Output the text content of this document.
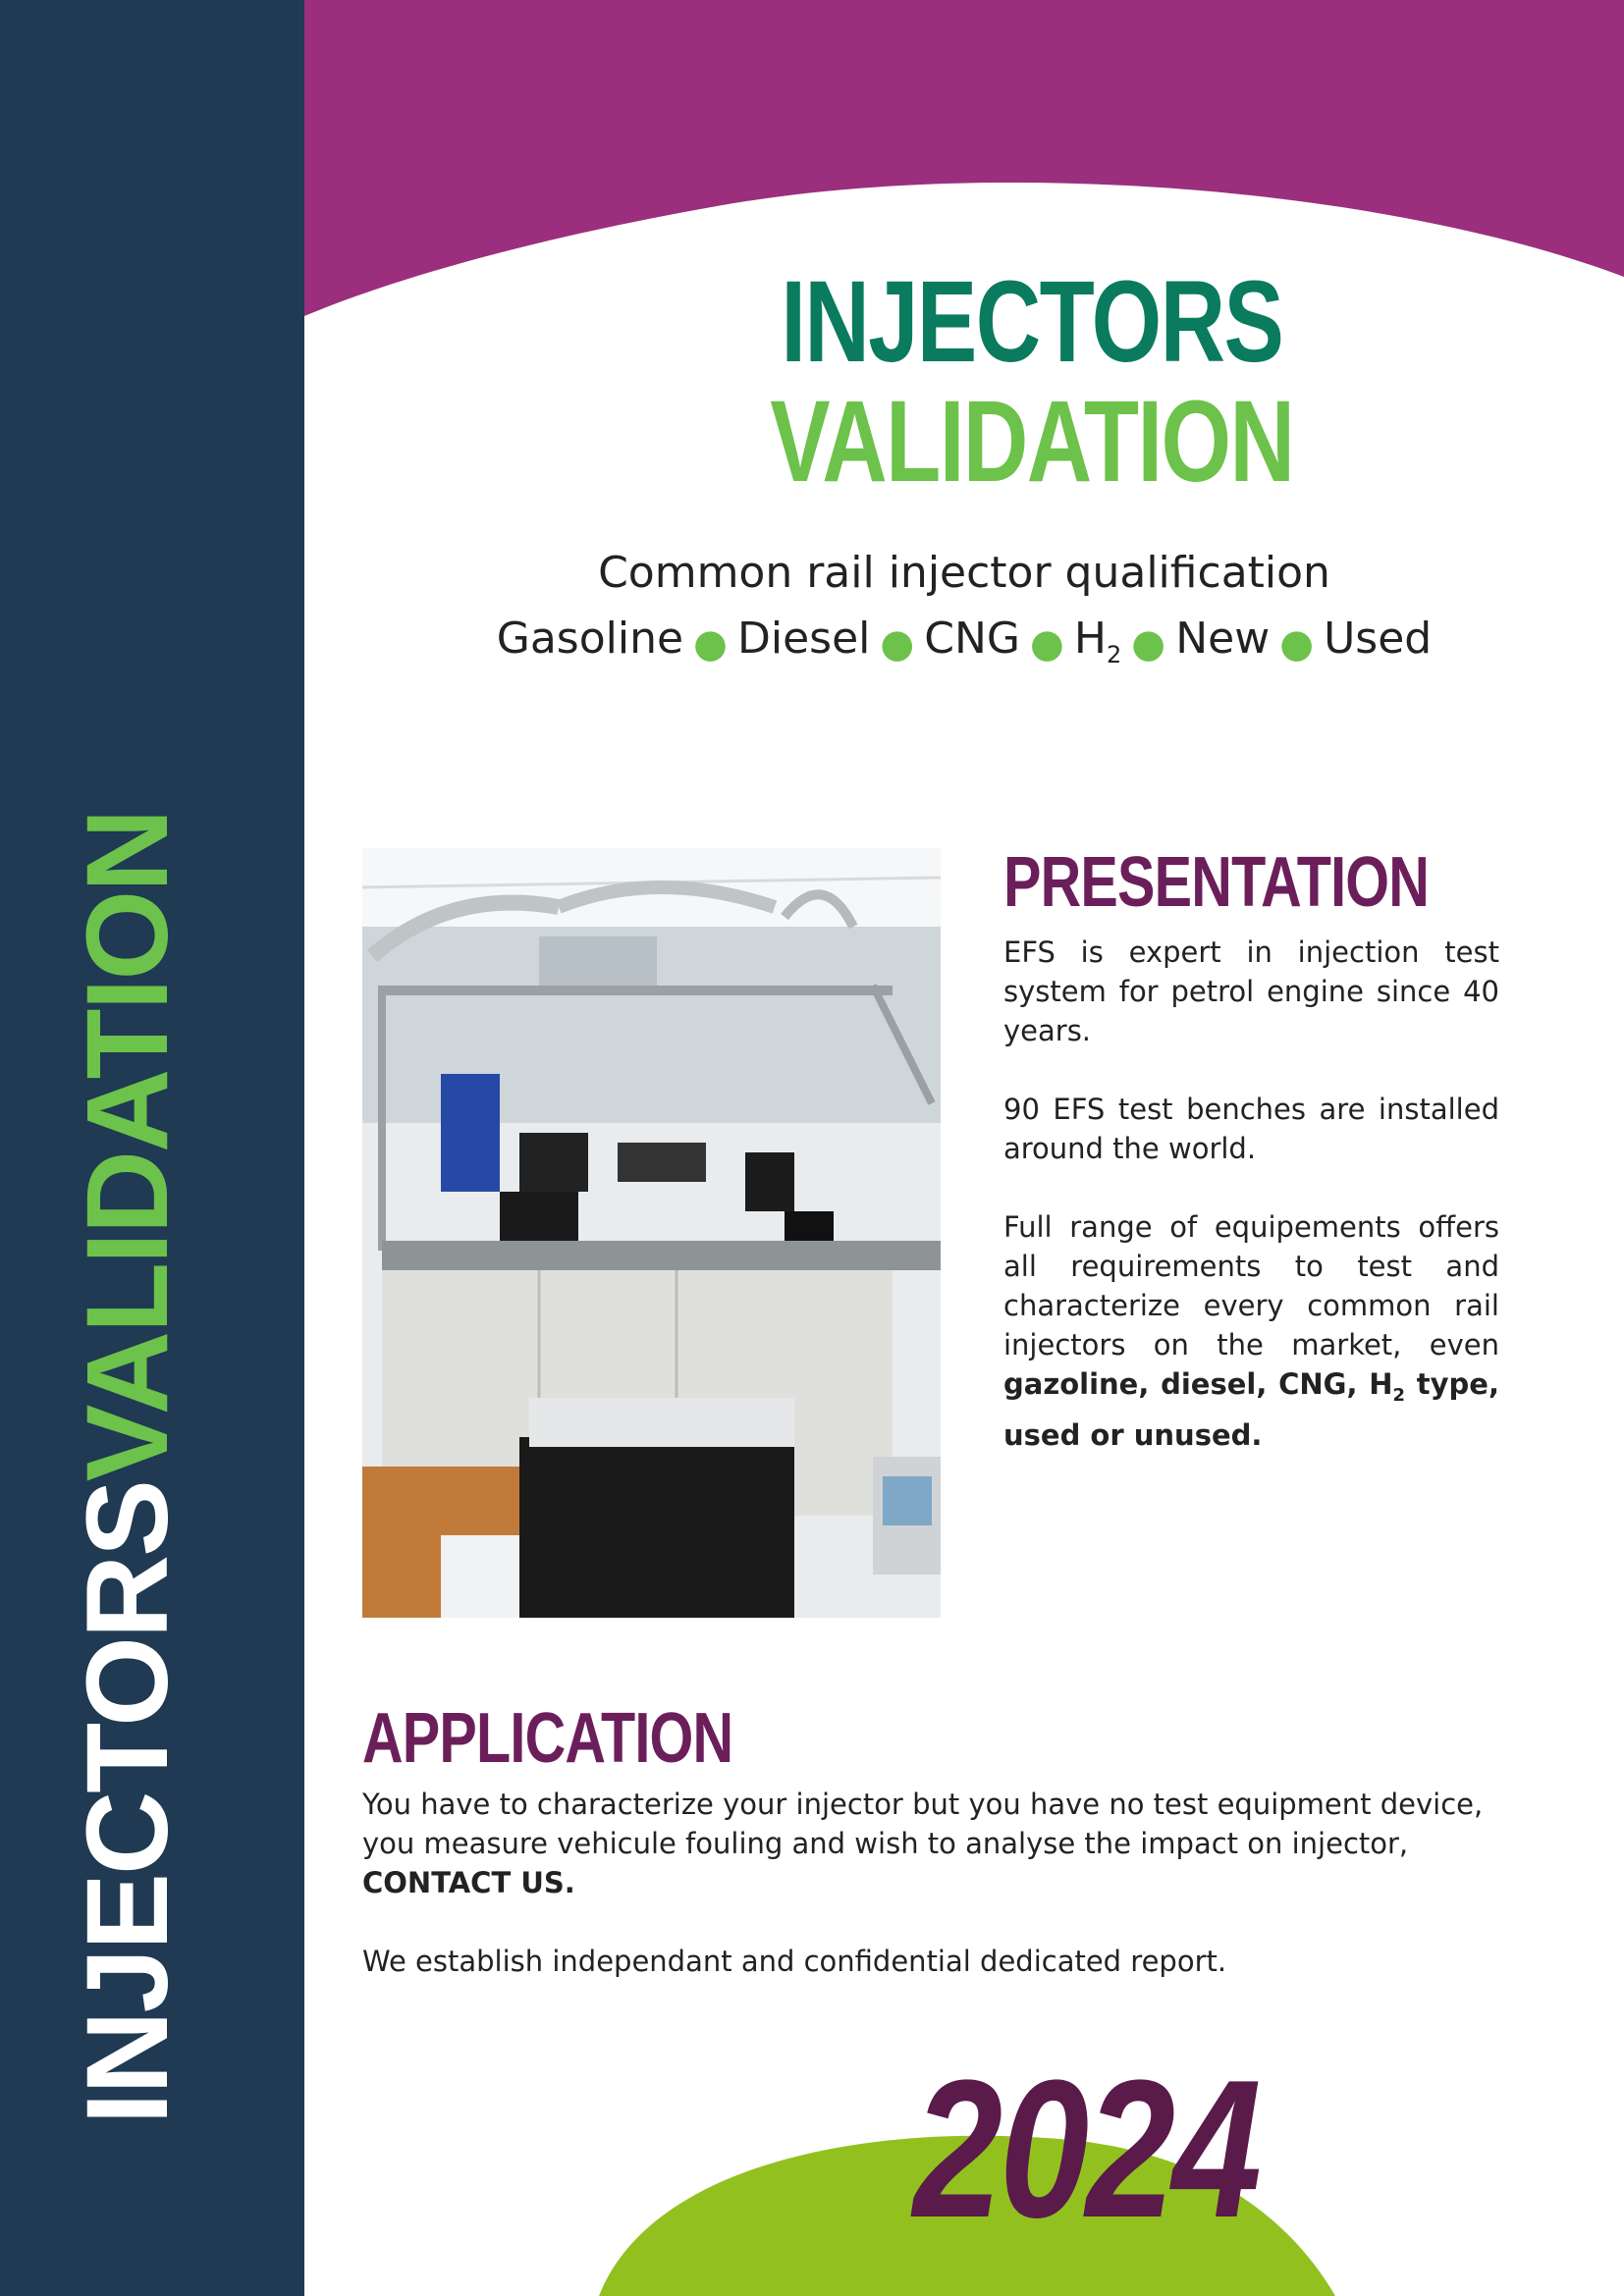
INJECTORSVALIDATION
INJECTORS
VALIDATION
Common rail injector qualification
Gasoline ● Diesel ● CNG ● $H_2$ ● New ● Used
PRESENTATION

EFS is expert in injection test system for petrol engine since 40 years.

90 EFS test benches are installed around the world.

Full range of equipements offers all requirements to test and characterize every common rail injectors on the market, even gazoline, diesel, CNG, $H_2$ type, used or unused.

APPLICATION

You have to characterize your injector but you have no test equipment device, you measure vehicule fouling and wish to analyse the impact on injector,
CONTACT US.

We establish independant and confidential dedicated report.

2024
